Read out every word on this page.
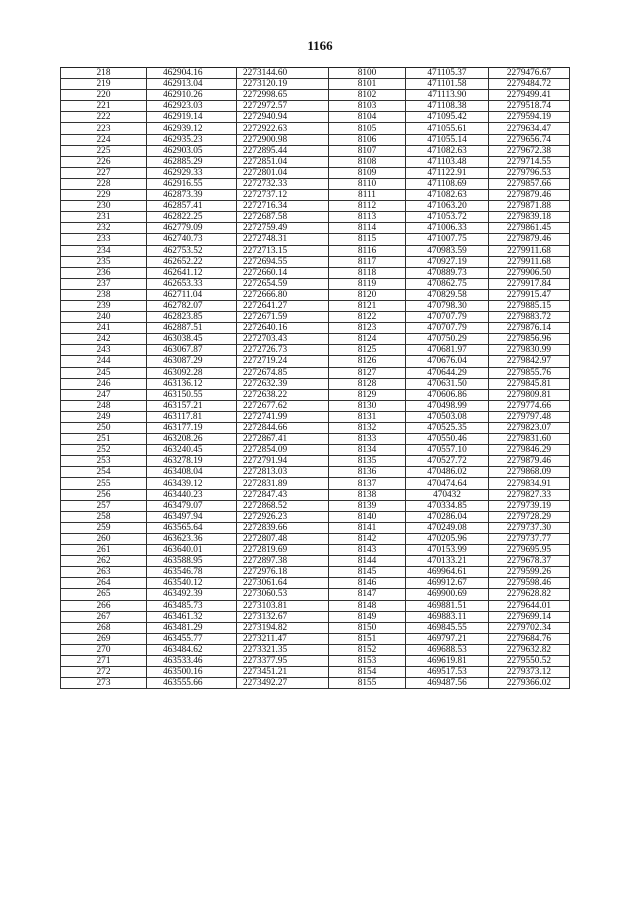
1166
218	462904.16	2273144.60	8100	471105.37	2279476.67
219	462913.04	2273120.19	8101	471101.58	2279484.72
220	462910.26	2272998.65	8102	471113.90	2279499.41
221	462923.03	2272972.57	8103	471108.38	2279518.74
222	462919.14	2272940.94	8104	471095.42	2279594.19
223	462939.12	2272922.63	8105	471055.61	2279634.47
224	462935.23	2272900.98	8106	471055.14	2279656.74
225	462903.05	2272895.44	8107	471082.63	2279672.38
226	462885.29	2272851.04	8108	471103.48	2279714.55
227	462929.33	2272801.04	8109	471122.91	2279796.53
228	462916.55	2272732.33	8110	471108.69	2279857.66
229	462873.39	2272737.12	8111	471082.63	2279879.46
230	462857.41	2272716.34	8112	471063.20	2279871.88
231	462822.25	2272687.58	8113	471053.72	2279839.18
232	462779.09	2272759.49	8114	471006.33	2279861.45
233	462740.73	2272748.31	8115	471007.75	2279879.46
234	462753.52	2272713.15	8116	470983.59	2279911.68
235	462652.22	2272694.55	8117	470927.19	2279911.68
236	462641.12	2272660.14	8118	470889.73	2279906.50
237	462653.33	2272654.59	8119	470862.75	2279917.84
238	462711.04	2272666.80	8120	470829.58	2279915.47
239	462782.07	2272641.27	8121	470798.30	2279885.15
240	462823.85	2272671.59	8122	470707.79	2279883.72
241	462887.51	2272640.16	8123	470707.79	2279876.14
242	463038.45	2272703.43	8124	470750.29	2279856.96
243	463067.87	2272726.73	8125	470681.97	2279830.99
244	463087.29	2272719.24	8126	470676.04	2279842.97
245	463092.28	2272674.85	8127	470644.29	2279855.76
246	463136.12	2272632.39	8128	470631.50	2279845.81
247	463150.55	2272638.22	8129	470606.86	2279809.81
248	463157.21	2272677.62	8130	470498.99	2279774.66
249	463117.81	2272741.99	8131	470503.08	2279797.48
250	463177.19	2272844.66	8132	470525.35	2279823.07
251	463208.26	2272867.41	8133	470550.46	2279831.60
252	463240.45	2272854.09	8134	470557.10	2279846.29
253	463278.19	2272791.94	8135	470527.72	2279879.46
254	463408.04	2272813.03	8136	470486.02	2279868.09
255	463439.12	2272831.89	8137	470474.64	2279834.91
256	463440.23	2272847.43	8138	470432	2279827.33
257	463479.07	2272868.52	8139	470334.85	2279739.19
258	463497.94	2272926.23	8140	470286.04	2279728.29
259	463565.64	2272839.66	8141	470249.08	2279737.30
260	463623.36	2272807.48	8142	470205.96	2279737.77
261	463640.01	2272819.69	8143	470153.99	2279695.95
262	463588.95	2272897.38	8144	470133.21	2279678.37
263	463546.78	2272976.18	8145	469964.61	2279599.26
264	463540.12	2273061.64	8146	469912.67	2279598.46
265	463492.39	2273060.53	8147	469900.69	2279628.82
266	463485.73	2273103.81	8148	469881.51	2279644.01
267	463461.32	2273132.67	8149	469883.11	2279699.14
268	463481.29	2273194.82	8150	469845.55	2279702.34
269	463455.77	2273211.47	8151	469797.21	2279684.76
270	463484.62	2273321.35	8152	469688.53	2279632.82
271	463533.46	2273377.95	8153	469619.81	2279550.52
272	463500.16	2273451.21	8154	469517.53	2279373.12
273	463555.66	2273492.27	8155	469487.56	2279366.02
